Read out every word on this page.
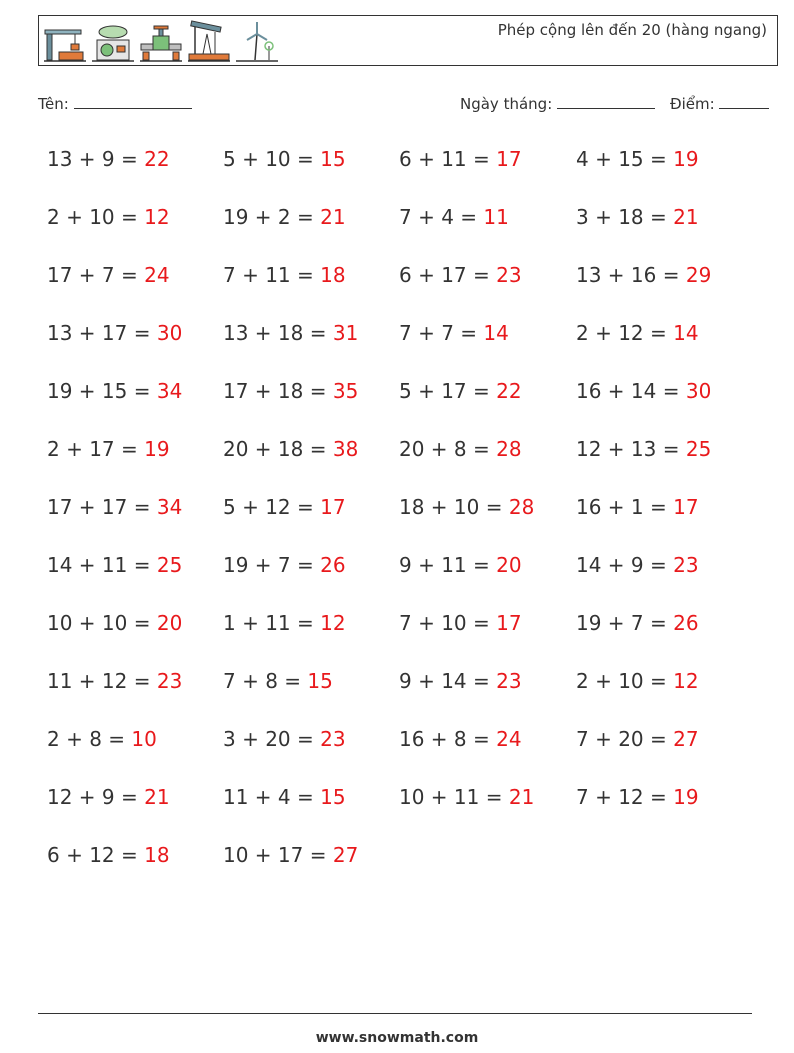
Phép cộng lên đến 20 (hàng ngang)
Tên:	Ngày tháng:	Điểm:
13 + 9 = 22	5 + 10 = 15	6 + 11 = 17	4 + 15 = 19
2 + 10 = 12	19 + 2 = 21	7 + 4 = 11	3 + 18 = 21
17 + 7 = 24	7 + 11 = 18	6 + 17 = 23	13 + 16 = 29
13 + 17 = 30 13 + 18 = 31 7 + 7 = 14	2 + 12 = 14
19 + 15 = 34 17 + 18 = 35 5 + 17 = 22	16 + 14 = 30
2 + 17 = 19	20 + 18 = 38 20 + 8 = 28	12 + 13 = 25
17 + 17 = 34 5 + 12 = 17	18 + 10 = 28 16 + 1 = 17
14 + 11 = 25 19 + 7 = 26	9 + 11 = 20	14 + 9 = 23
10 + 10 = 20 1 + 11 = 12	7 + 10 = 17	19 + 7 = 26
11 + 12 = 23 7 + 8 = 15	9 + 14 = 23	2 + 10 = 12
2 + 8 = 10	3 + 20 = 23	16 + 8 = 24	7 + 20 = 27
12 + 9 = 21	11 + 4 = 15	10 + 11 = 21 7 + 12 = 19
6 + 12 = 18	10 + 17 = 27
www.snowmath.com
